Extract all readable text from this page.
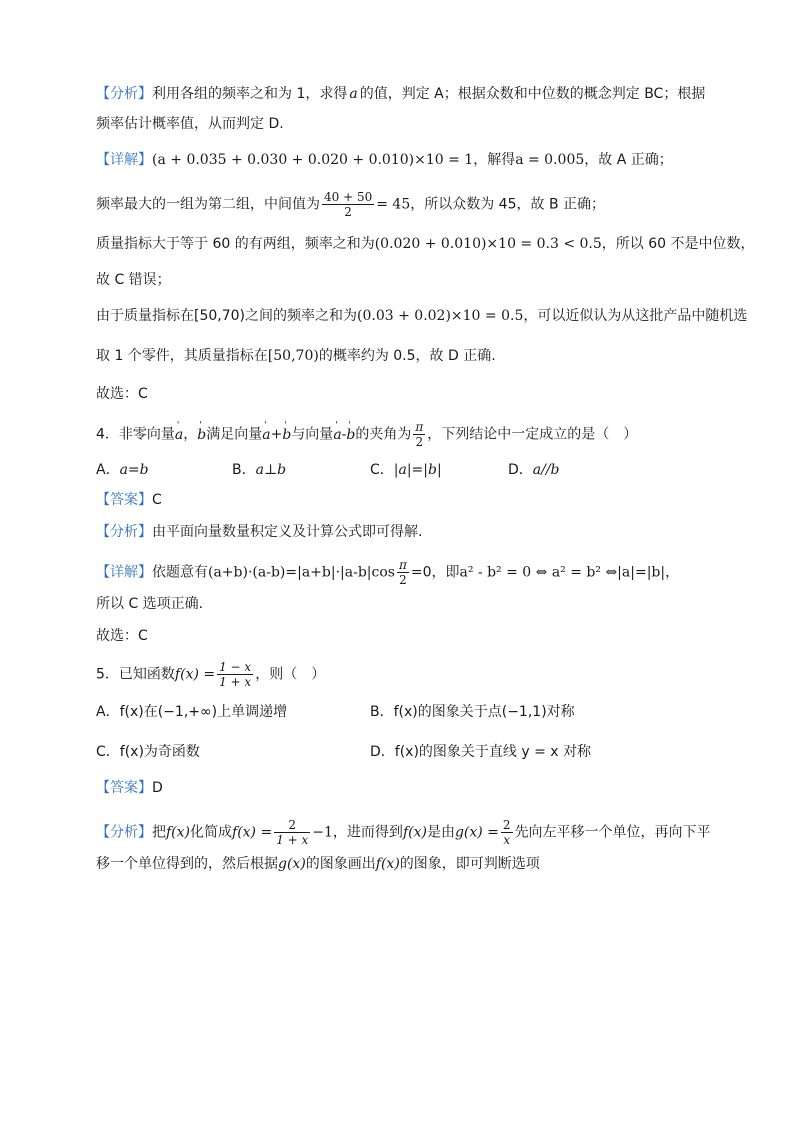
【分析】利用各组的频率之和为 1，求得 a 的值，判定 A；根据众数和中位数的概念判定 BC；根据
频率估计概率值，从而判定 D.
【详解】(a + 0.035 + 0.030 + 0.020 + 0.010)×10 = 1，解得a = 0.005，故 A 正确；
频率最大的一组为第二组，中间值为 $\frac{40 + 50}{2} = 45$，所以众数为 45，故 B 正确；
质量指标大于等于 60 的有两组，频率之和为(0.020 + 0.010)×10 = 0.3 < 0.5，所以 60 不是中位数，
故 C 错误；
由于质量指标在[50,70)之间的频率之和为(0.03 + 0.02)×10 = 0.5，可以近似认为从这批产品中随机选
取 1 个零件，其质量指标在[50,70)的概率约为 0.5，故 D 正确.
故选：C
4．非零向量' a，' b满足向量' a+' b与向量' a-' b的夹角为 $\frac{\pi}{2}$ ，下列结论中一定成立的是（　）
A．a=b	B．a⊥b	C．|a|=|b|	D．a//b
【答案】C
【分析】由平面向量数量积定义及计算公式即可得解.
【详解】依题意有$(a+b)\cdot(a-b)=|a+b|\cdot|a-b|\cos \frac{\pi}{2} =0$，即a² - b² = 0 ⇔ a² = b² ⇔|a|=|b|，
所以 C 选项正确.
故选：C
5．已知函数$f(x) = \frac{1 - x}{1 + x}$ ，则（　）
A．f(x)在(−1,+∞)上单调递增	B．f(x)的图象关于点(−1,1)对称
C．f(x)为奇函数	D．f(x)的图象关于直线 y = x 对称
【答案】D
【分析】把f(x)化简成$f(x) = \frac{2}{1 + x} -1$，进而得到f(x)是由$g(x) = \frac{2}{x}$ 先向左平移一个单位，再向下平
移一个单位得到的，然后根据g(x)的图象画出f(x)的图象，即可判断选项
